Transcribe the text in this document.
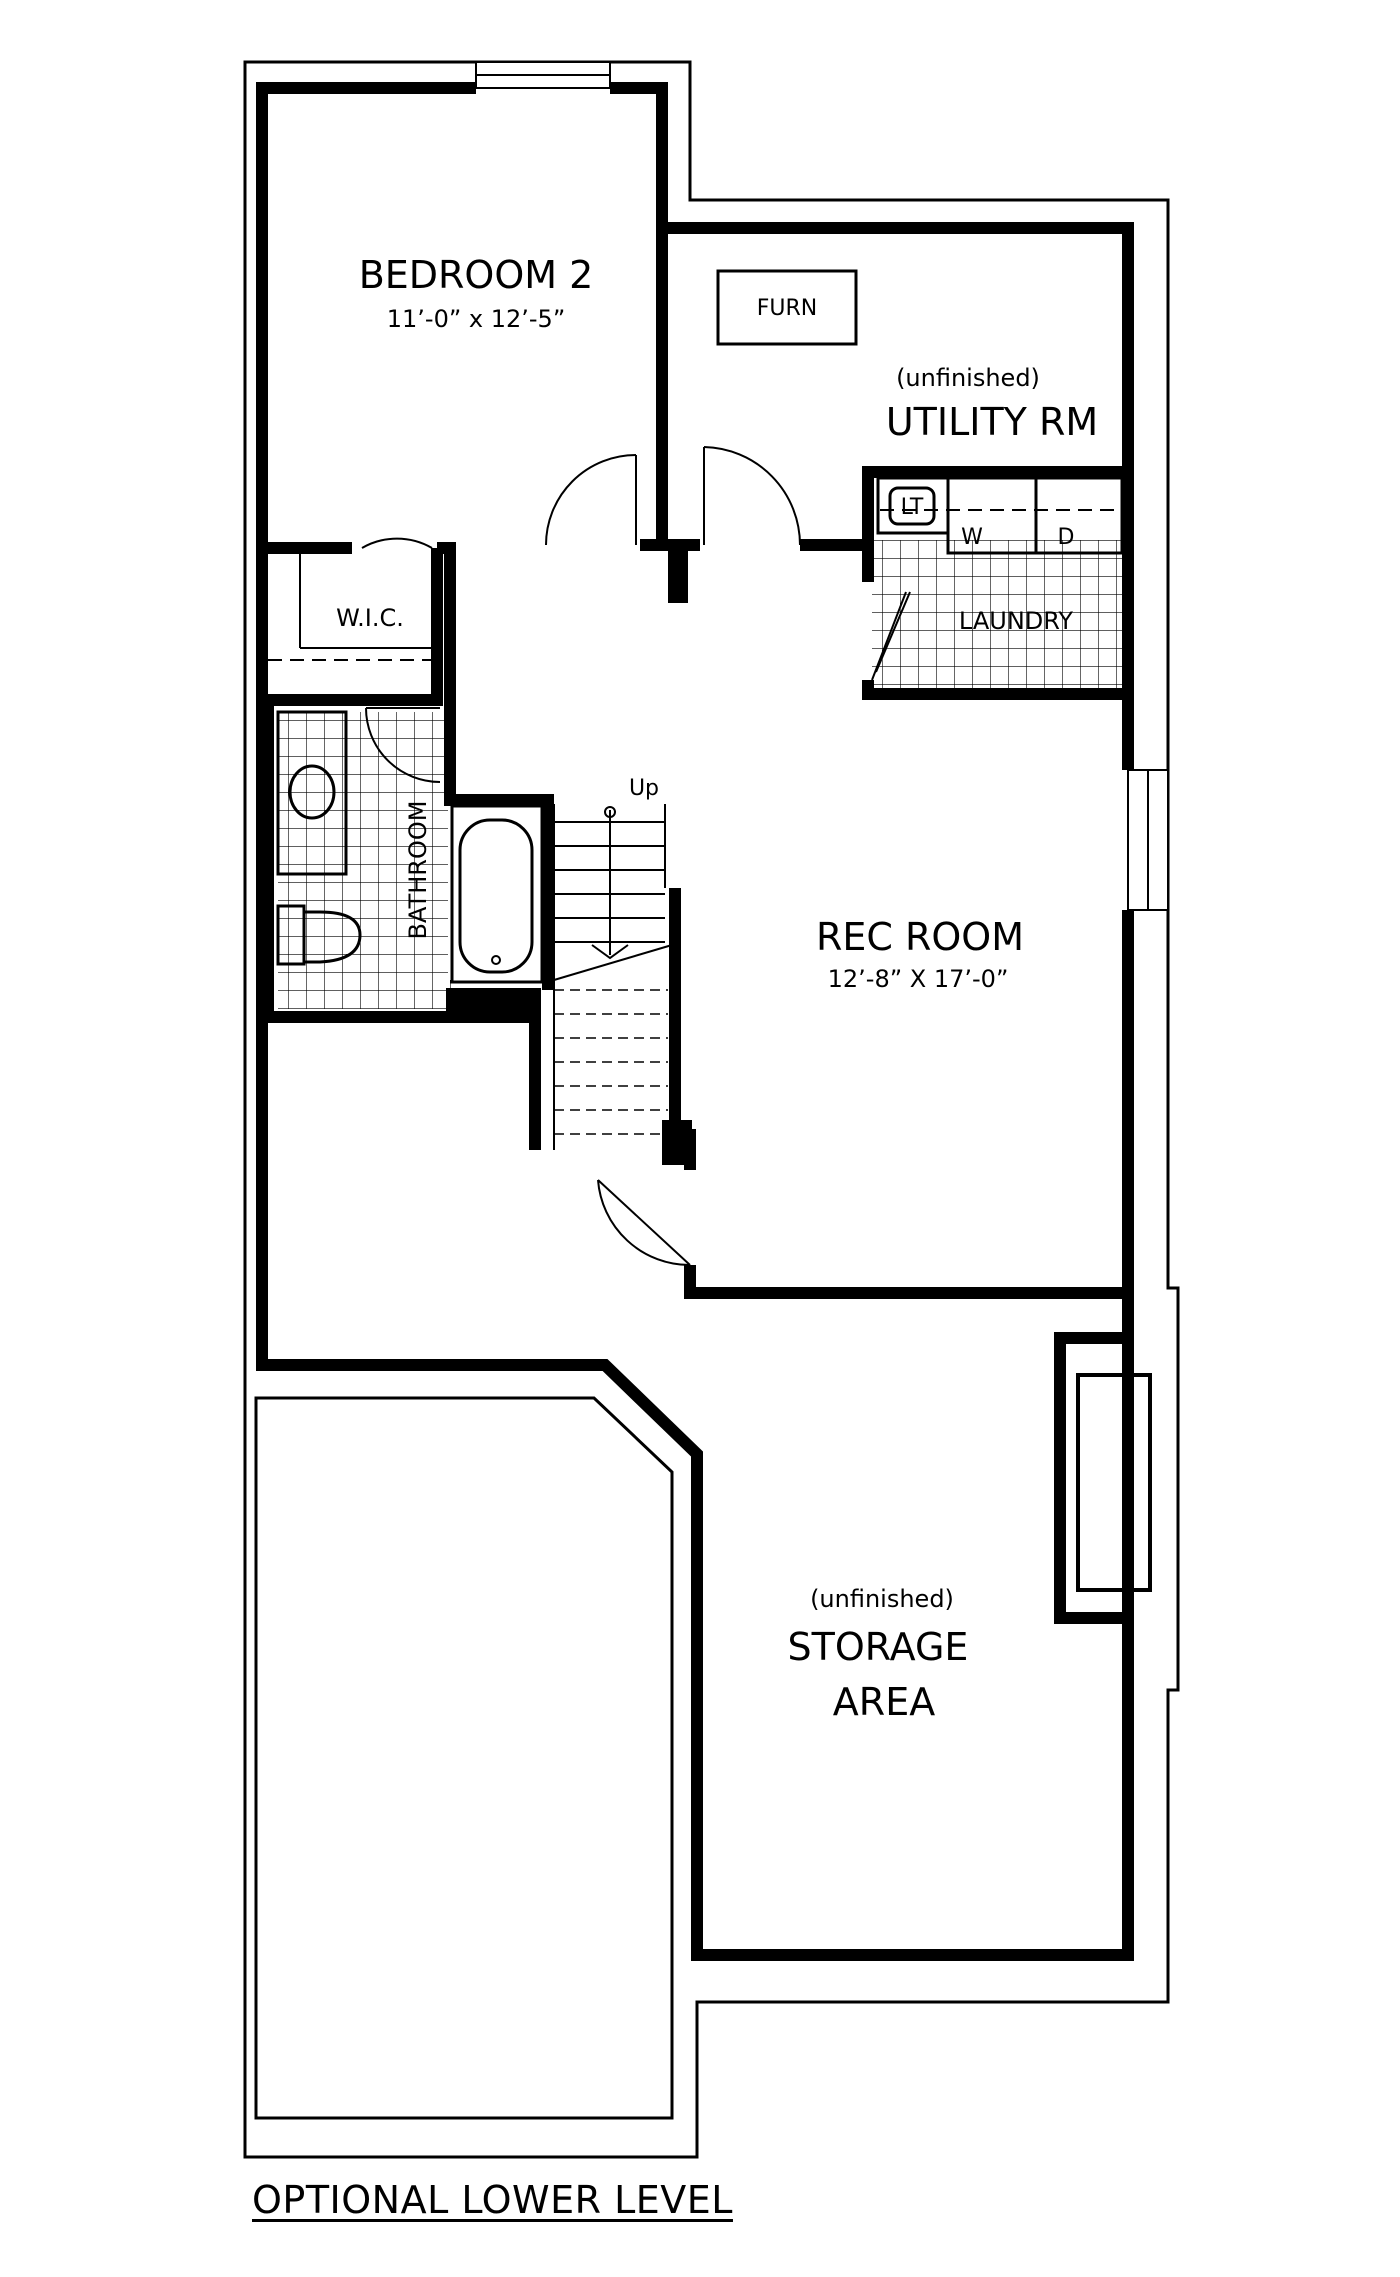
BEDROOM 2
11’-0” x 12’-5”
(unfinished)
UTILITY RM
FURN
LT
W	D
LAUNDRY
W.I.C.
BATHROOM
Up
REC ROOM
12’-8” X 17’-0”
(unfinished)
STORAGE
AREA
OPTIONAL LOWER LEVEL
